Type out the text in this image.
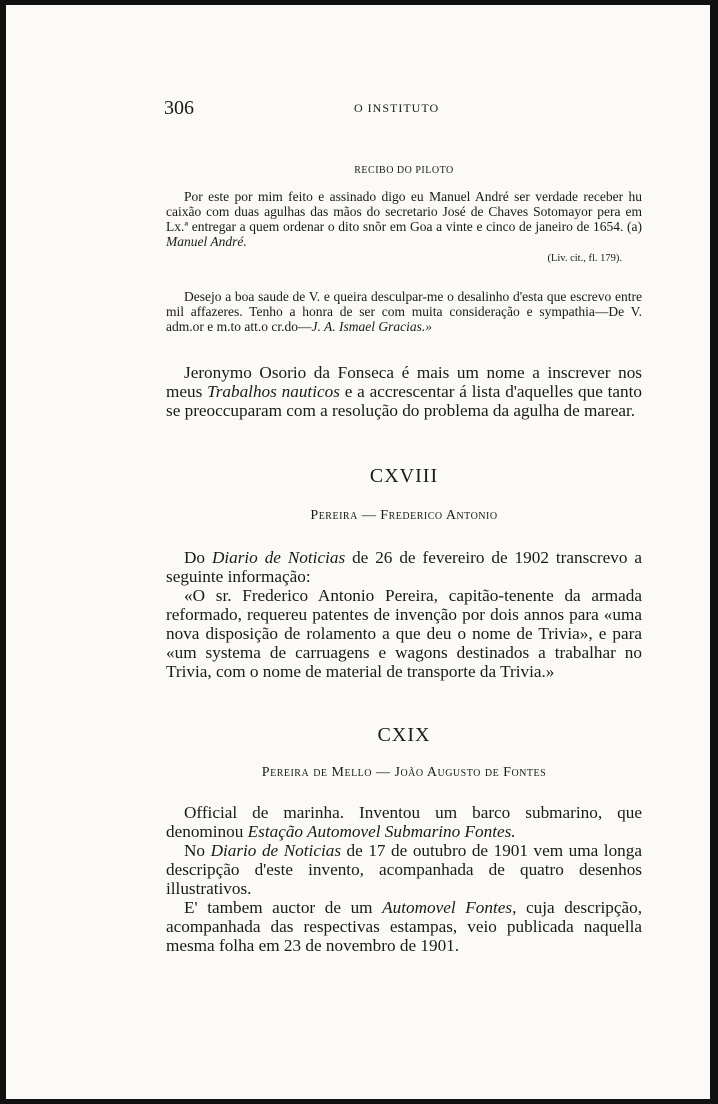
306	O INSTITUTO
RECIBO DO PILOTO

Por este por mim feito e assinado digo eu Manuel André ser verdade receber hu caixão com duas agulhas das mãos do secretario José de Chaves Sotomayor pera em Lx.ª entregar a quem ordenar o dito snõr em Goa a vinte e cinco de janeiro de 1654. (a) Manuel André.

(Liv. cit., fl. 179).

Desejo a boa saude de V. e queira desculpar-me o desalinho d'esta que escrevo entre mil affazeres. Tenho a honra de ser com muita consideração e sympathia—De V. adm.or e m.to att.o cr.do—J. A. Ismael Gracias.»

Jeronymo Osorio da Fonseca é mais um nome a inscrever nos meus Trabalhos nauticos e a accrescentar á lista d'aquelles que tanto se preoccuparam com a resolução do problema da agulha de marear.

CXVIII
Pereira — Frederico Antonio

Do Diario de Noticias de 26 de fevereiro de 1902 transcrevo a seguinte informação:

«O sr. Frederico Antonio Pereira, capitão-tenente da armada reformado, requereu patentes de invenção por dois annos para «uma nova disposição de rolamento a que deu o nome de Trivia», e para «um systema de carruagens e wagons destinados a trabalhar no Trivia, com o nome de material de transporte da Trivia.»

CXIX
Pereira de Mello — João Augusto de Fontes

Official de marinha. Inventou um barco submarino, que denominou Estação Automovel Submarino Fontes.

No Diario de Noticias de 17 de outubro de 1901 vem uma longa descripção d'este invento, acompanhada de quatro desenhos illustrativos.

E' tambem auctor de um Automovel Fontes, cuja descripção, acompanhada das respectivas estampas, veio publicada naquella mesma folha em 23 de novembro de 1901.
